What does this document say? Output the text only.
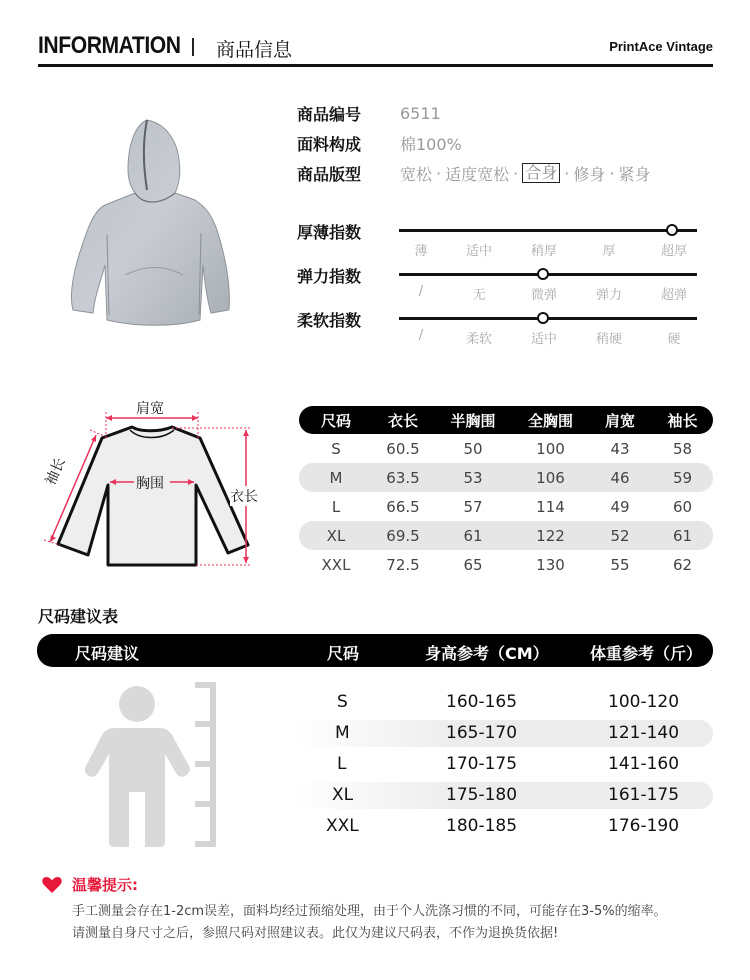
INFORMATION 商品信息	PrintAce Vintage
商品编号	6511
面料构成	棉100%
商品版型	宽松 · 适度宽松 · 合身 · 修身 · 紧身
厚薄指数
薄	适中	稍厚	厚	超厚
弹力指数
/	无	微弹	弹力	超弹
柔软指数
/	柔软	适中	稍硬	硬
肩宽
胸围
衣长
袖长
尺码	衣长	半胸围	全胸围	肩宽	袖长
S	60.5	50	100	43	58
M	63.5	53	106	46	59
L	66.5	57	114	49	60
XL	69.5	61	122	52	61
XXL	72.5	65	130	55	62
尺码建议表
尺码建议	尺码	身高参考（CM）	体重参考（斤）
S	160-165	100-120
M	165-170	121-140
L	170-175	141-160
XL	175-180	161-175
XXL	180-185	176-190
温馨提示:
手工测量会存在1-2cm误差，面料均经过预缩处理，由于个人洗涤习惯的不同，可能存在3-5%的缩率。
请测量自身尺寸之后，参照尺码对照建议表。此仅为建议尺码表，不作为退换货依据!
